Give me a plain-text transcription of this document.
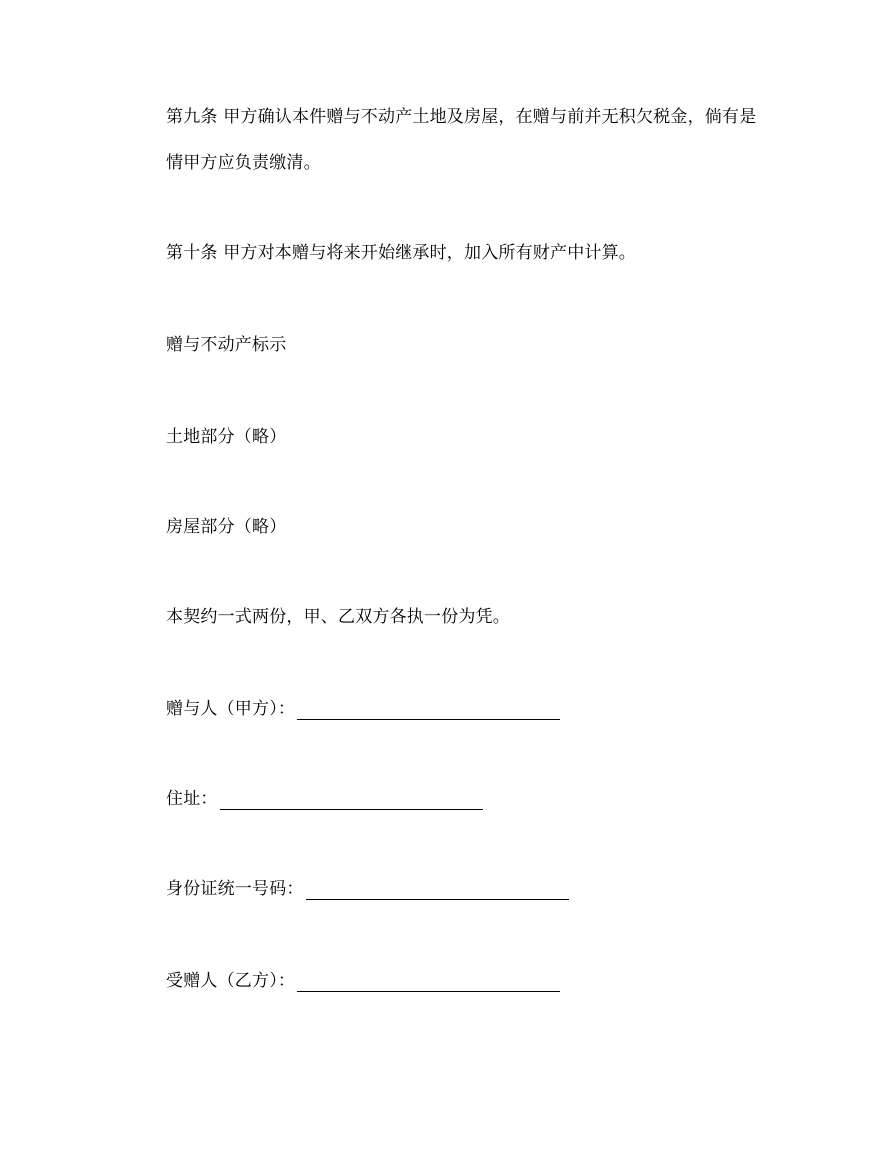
第九条 甲方确认本件赠与不动产土地及房屋，在赠与前并无积欠税金，倘有是
情甲方应负责缴清。
第十条 甲方对本赠与将来开始继承时，加入所有财产中计算。
赠与不动产标示
土地部分（略）
房屋部分（略）
本契约一式两份，甲、乙双方各执一份为凭。
赠与人（甲方）：
住址：
身份证统一号码：
受赠人（乙方）：
